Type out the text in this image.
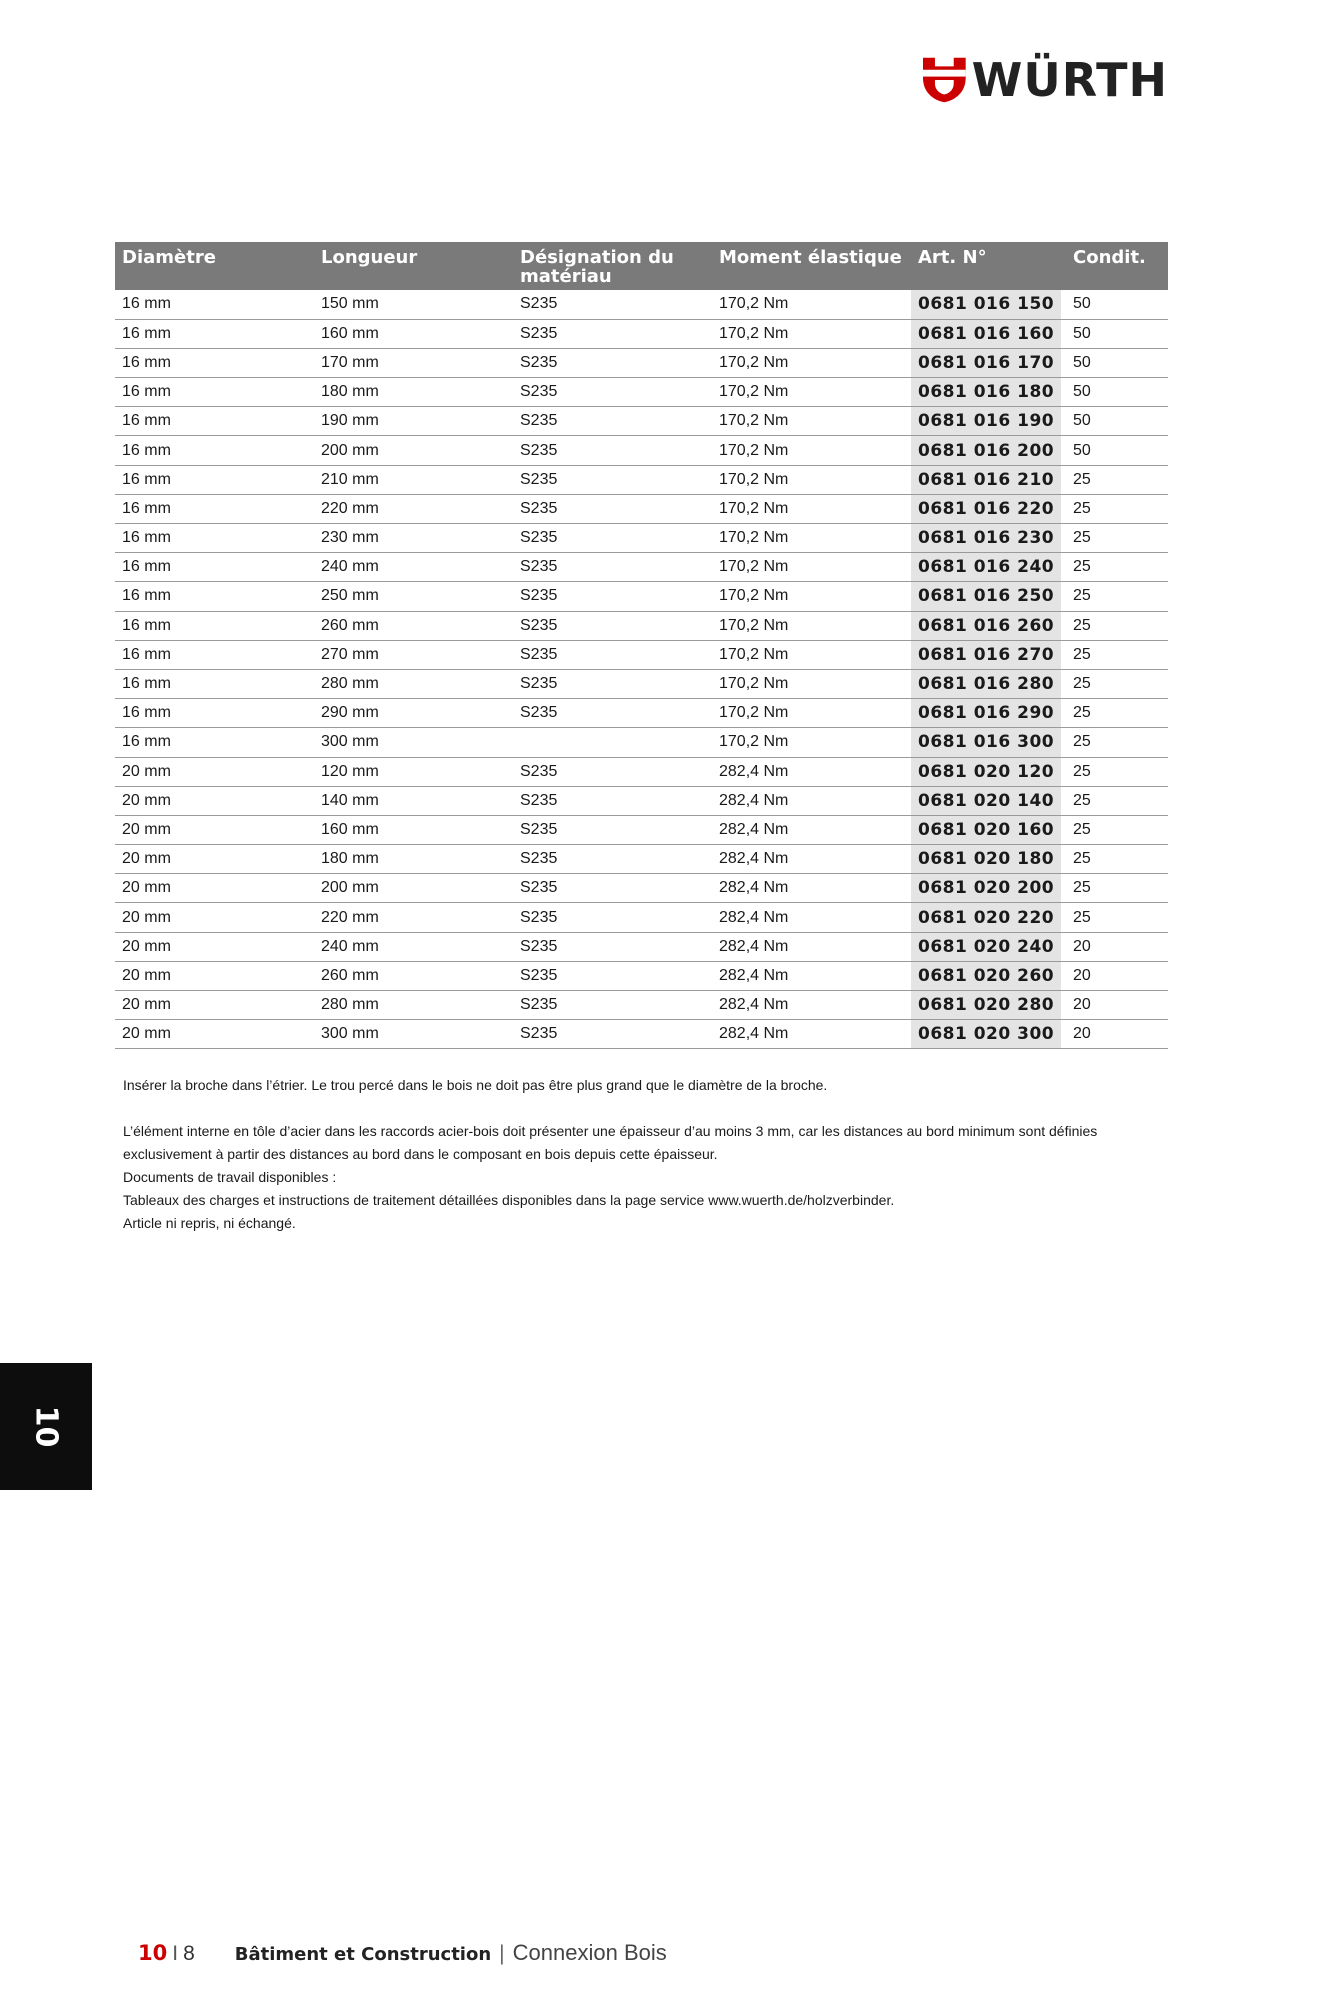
WÜRTH
Diamètre	Longueur	Désignation du matériau	Moment élastique	Art. N°		Condit.
16 mm	150 mm	S235	170,2 Nm	0681 016 150		50
16 mm	160 mm	S235	170,2 Nm	0681 016 160		50
16 mm	170 mm	S235	170,2 Nm	0681 016 170		50
16 mm	180 mm	S235	170,2 Nm	0681 016 180		50
16 mm	190 mm	S235	170,2 Nm	0681 016 190		50
16 mm	200 mm	S235	170,2 Nm	0681 016 200		50
16 mm	210 mm	S235	170,2 Nm	0681 016 210		25
16 mm	220 mm	S235	170,2 Nm	0681 016 220		25
16 mm	230 mm	S235	170,2 Nm	0681 016 230		25
16 mm	240 mm	S235	170,2 Nm	0681 016 240		25
16 mm	250 mm	S235	170,2 Nm	0681 016 250		25
16 mm	260 mm	S235	170,2 Nm	0681 016 260		25
16 mm	270 mm	S235	170,2 Nm	0681 016 270		25
16 mm	280 mm	S235	170,2 Nm	0681 016 280		25
16 mm	290 mm	S235	170,2 Nm	0681 016 290		25
16 mm	300 mm		170,2 Nm	0681 016 300		25
20 mm	120 mm	S235	282,4 Nm	0681 020 120		25
20 mm	140 mm	S235	282,4 Nm	0681 020 140		25
20 mm	160 mm	S235	282,4 Nm	0681 020 160		25
20 mm	180 mm	S235	282,4 Nm	0681 020 180		25
20 mm	200 mm	S235	282,4 Nm	0681 020 200		25
20 mm	220 mm	S235	282,4 Nm	0681 020 220		25
20 mm	240 mm	S235	282,4 Nm	0681 020 240		20
20 mm	260 mm	S235	282,4 Nm	0681 020 260		20
20 mm	280 mm	S235	282,4 Nm	0681 020 280		20
20 mm	300 mm	S235	282,4 Nm	0681 020 300		20

Insérer la broche dans l’étrier. Le trou percé dans le bois ne doit pas être plus grand que le diamètre de la broche.

L’élément interne en tôle d’acier dans les raccords acier-bois doit présenter une épaisseur d’au moins 3 mm, car les distances au bord minimum sont définies

exclusivement à partir des distances au bord dans le composant en bois depuis cette épaisseur.

Documents de travail disponibles :

Tableaux des charges et instructions de traitement détaillées disponibles dans la page service www.wuerth.de/holzverbinder.

Article ni repris, ni échangé.

10
10 I 8 Bâtiment et Construction | Connexion Bois
